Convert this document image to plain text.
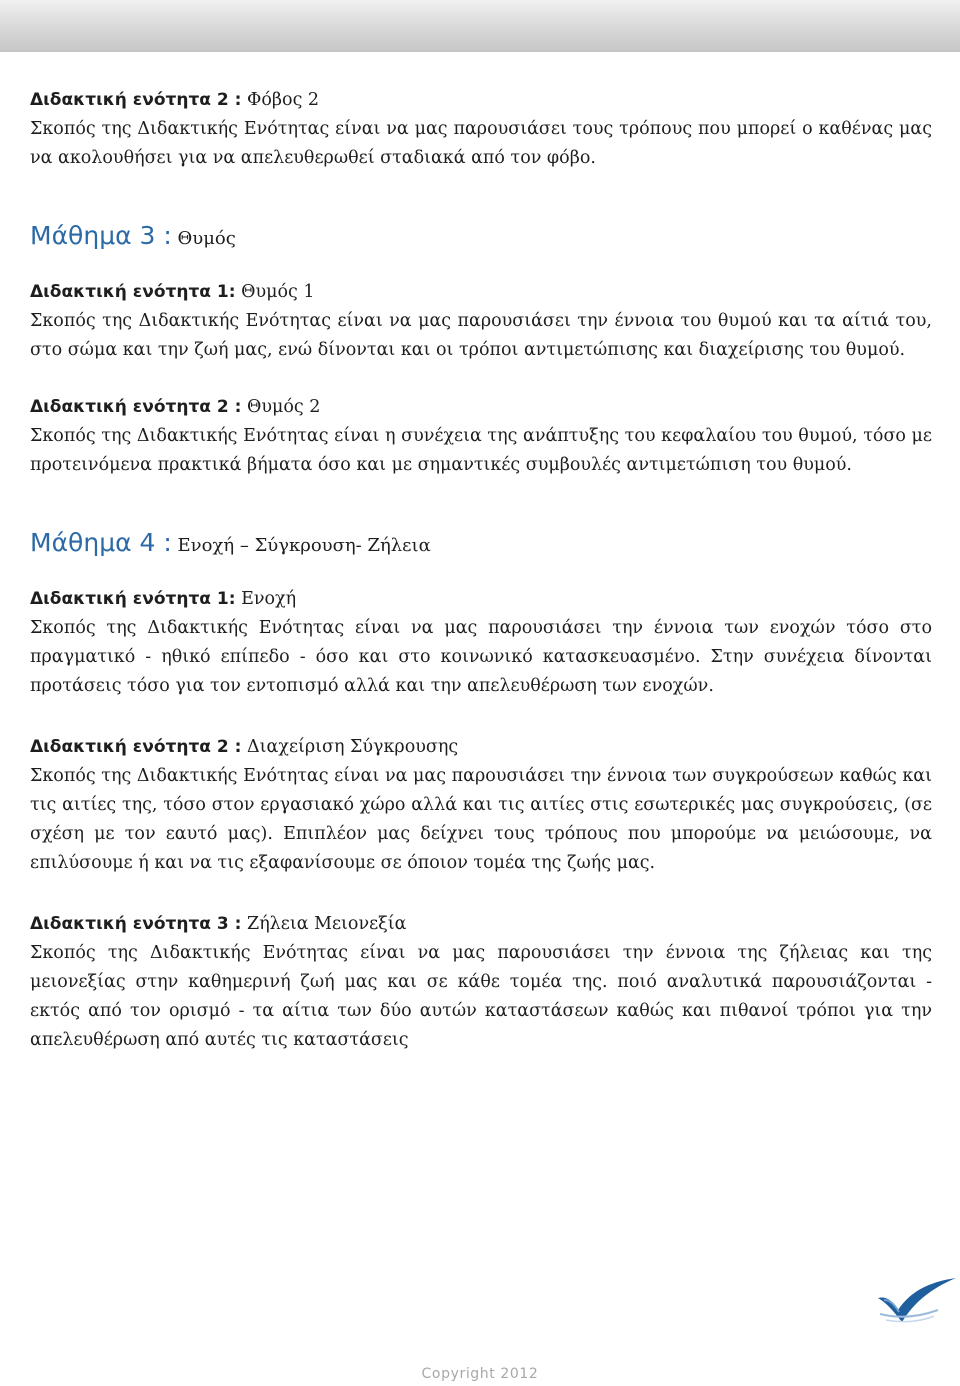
Διδακτική ενότητα 2 : Φόβος 2

Σκοπός της Διδακτικής Ενότητας είναι να μας παρουσιάσει τους τρόπους που μπορεί ο καθένας μας να ακολουθήσει για να απελευθερωθεί σταδιακά από τον φόβο.

Μάθημα 3 : Θυμός
Διδακτική ενότητα 1: Θυμός 1

Σκοπός της Διδακτικής Ενότητας είναι να μας παρουσιάσει την έννοια του θυμού και τα αίτιά του, στο σώμα και την ζωή μας, ενώ δίνονται και οι τρόποι αντιμετώπισης και διαχείρισης του θυμού.

Διδακτική ενότητα 2 : Θυμός 2

Σκοπός της Διδακτικής Ενότητας είναι η συνέχεια της ανάπτυξης του κεφαλαίου του θυμού, τόσο με προτεινόμενα πρακτικά βήματα όσο και με σημαντικές συμβουλές αντιμετώπιση του θυμού.

Μάθημα 4 : Ενοχή – Σύγκρουση- Ζήλεια
Διδακτική ενότητα 1: Ενοχή

Σκοπός της Διδακτικής Ενότητας είναι να μας παρουσιάσει την έννοια των ενοχών τόσο στο πραγματικό - ηθικό επίπεδο - όσο και στο κοινωνικό κατασκευασμένο. Στην συνέχεια δίνονται προτάσεις τόσο για τον εντοπισμό αλλά και την απελευθέρωση των ενοχών.

Διδακτική ενότητα 2 : Διαχείριση Σύγκρουσης

Σκοπός της Διδακτικής Ενότητας είναι να μας παρουσιάσει την έννοια των συγκρούσεων καθώς και τις αιτίες της, τόσο στον εργασιακό χώρο αλλά και τις αιτίες στις εσωτερικές μας συγκρούσεις, (σε σχέση με τον εαυτό μας). Επιπλέον μας δείχνει τους τρόπους που μπορούμε να μειώσουμε, να επιλύσουμε ή και να τις εξαφανίσουμε σε όποιον τομέα της ζωής μας.

Διδακτική ενότητα 3 : Ζήλεια Μειονεξία

Σκοπός της Διδακτικής Ενότητας είναι να μας παρουσιάσει την έννοια της ζήλειας και της μειονεξίας στην καθημερινή ζωή μας και σε κάθε τομέα της. ποιό αναλυτικά παρουσιάζονται - εκτός από τον ορισμό - τα αίτια των δύο αυτών καταστάσεων καθώς και πιθανοί τρόποι για την απελευθέρωση από αυτές τις καταστάσεις

Copyright 2012
